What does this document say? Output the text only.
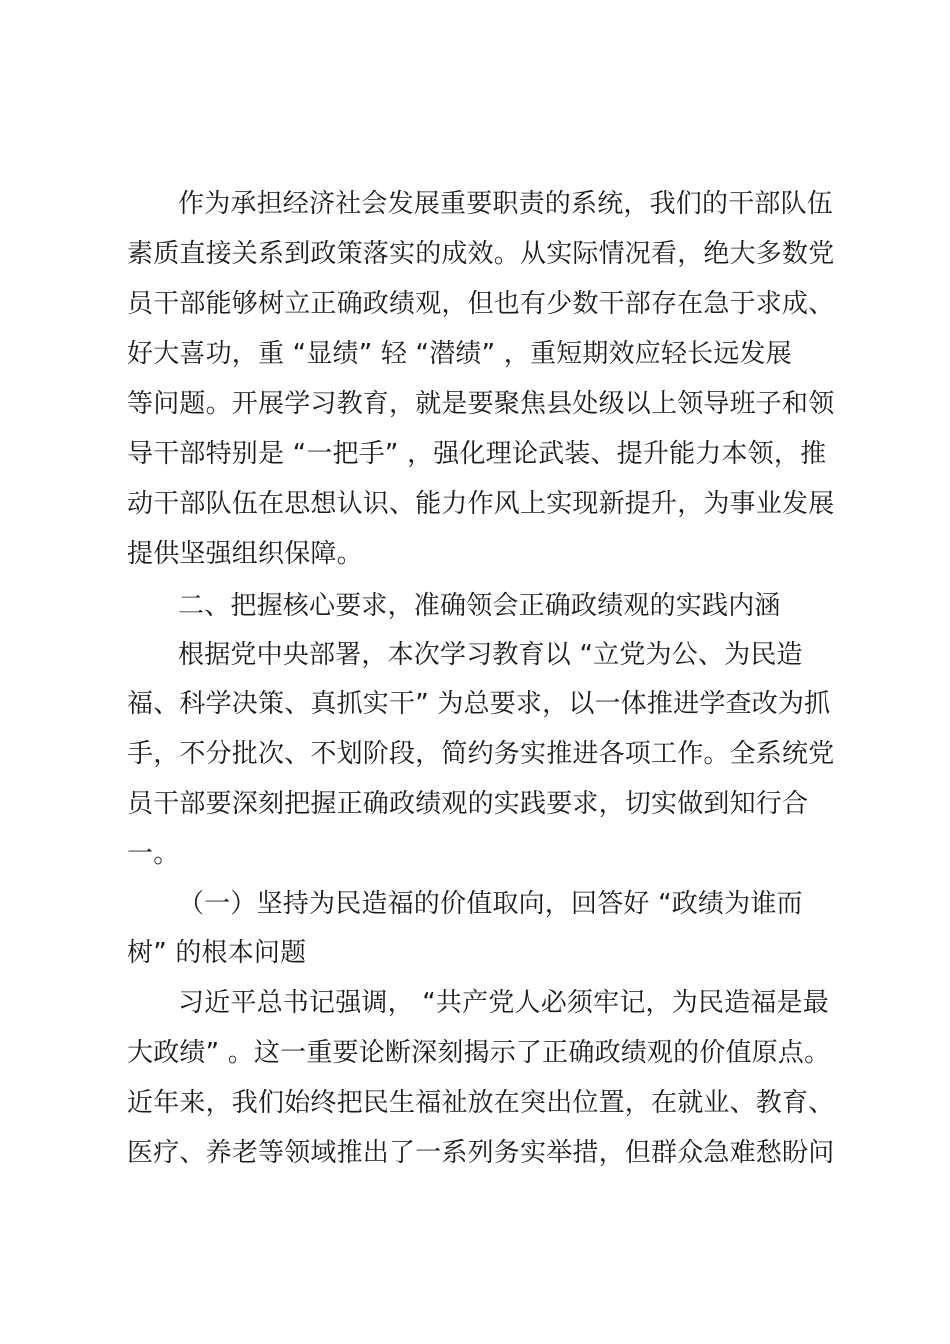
作为承担经济社会发展重要职责的系统，我们的干部队伍
素质直接关系到政策落实的成效。从实际情况看，绝大多数党
员干部能够树立正确政绩观，但也有少数干部存在急于求成、
好大喜功，重 “显绩” 轻 “潜绩” ，重短期效应轻长远发展
等问题。开展学习教育，就是要聚焦县处级以上领导班子和领
导干部特别是 “一把手” ，强化理论武装、提升能力本领，推
动干部队伍在思想认识、能力作风上实现新提升，为事业发展
提供坚强组织保障。
二、把握核心要求，准确领会正确政绩观的实践内涵
根据党中央部署，本次学习教育以 “立党为公、为民造
福、科学决策、真抓实干” 为总要求，以一体推进学查改为抓
手，不分批次、不划阶段，简约务实推进各项工作。全系统党
员干部要深刻把握正确政绩观的实践要求，切实做到知行合
一。
（一）坚持为民造福的价值取向，回答好 “政绩为谁而
树” 的根本问题
习近平总书记强调， “共产党人必须牢记，为民造福是最
大政绩” 。这一重要论断深刻揭示了正确政绩观的价值原点。
近年来，我们始终把民生福祉放在突出位置，在就业、教育、
医疗、养老等领域推出了一系列务实举措，但群众急难愁盼问
